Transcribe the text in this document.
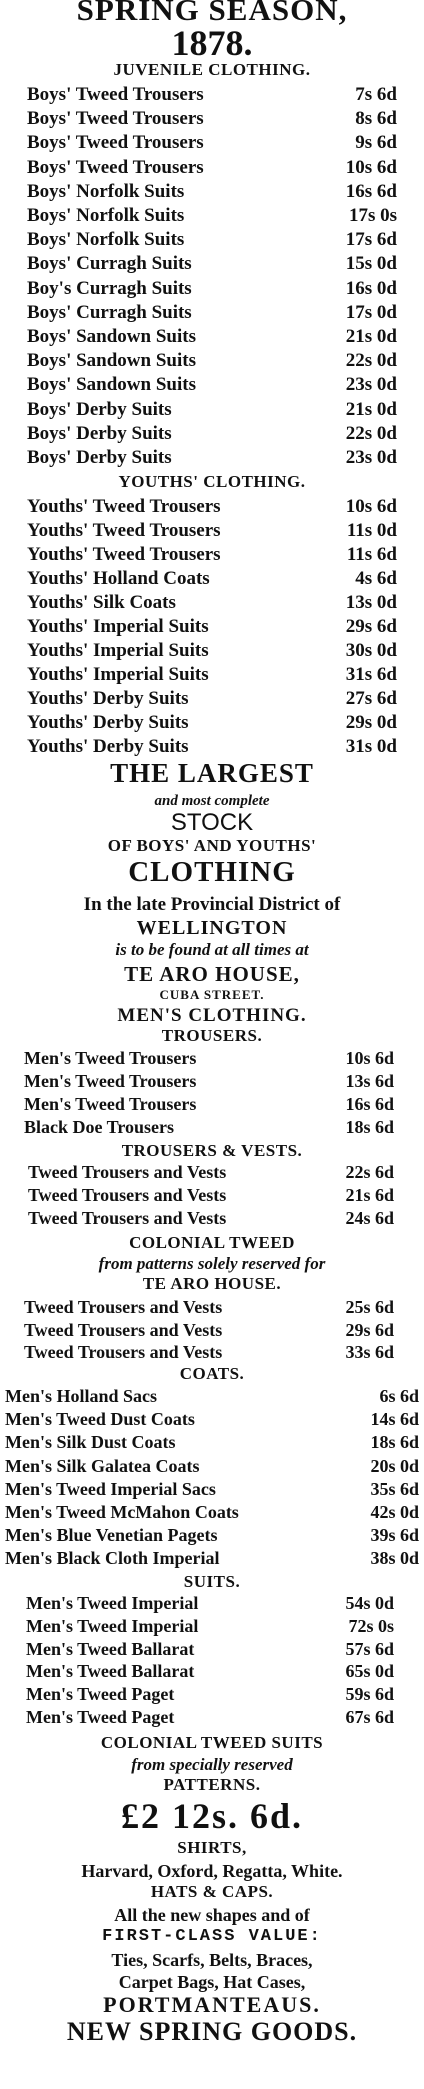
SPRING SEASON,
1878.
JUVENILE CLOTHING.
Boys' Tweed Trousers	7s 6d
Boys' Tweed Trousers	8s 6d
Boys' Tweed Trousers	9s 6d
Boys' Tweed Trousers	10s 6d
Boys' Norfolk Suits	16s 6d
Boys' Norfolk Suits	17s 0s
Boys' Norfolk Suits	17s 6d
Boys' Curragh Suits	15s 0d
Boy's Curragh Suits	16s 0d
Boys' Curragh Suits	17s 0d
Boys' Sandown Suits	21s 0d
Boys' Sandown Suits	22s 0d
Boys' Sandown Suits	23s 0d
Boys' Derby Suits	21s 0d
Boys' Derby Suits	22s 0d
Boys' Derby Suits	23s 0d
YOUTHS' CLOTHING.
Youths' Tweed Trousers	10s 6d
Youths' Tweed Trousers	11s 0d
Youths' Tweed Trousers	11s 6d
Youths' Holland Coats	4s 6d
Youths' Silk Coats	13s 0d
Youths' Imperial Suits	29s 6d
Youths' Imperial Suits	30s 0d
Youths' Imperial Suits	31s 6d
Youths' Derby Suits	27s 6d
Youths' Derby Suits	29s 0d
Youths' Derby Suits	31s 0d
THE LARGEST
and most complete
STOCK
OF BOYS' AND YOUTHS'
CLOTHING
In the late Provincial District of
WELLINGTON
is to be found at all times at
TE ARO HOUSE,
CUBA STREET.
MEN'S CLOTHING.
TROUSERS.
Men's Tweed Trousers	10s 6d
Men's Tweed Trousers	13s 6d
Men's Tweed Trousers	16s 6d
Black Doe Trousers	18s 6d
TROUSERS & VESTS.
Tweed Trousers and Vests	22s 6d
Tweed Trousers and Vests	21s 6d
Tweed Trousers and Vests	24s 6d
COLONIAL TWEED
from patterns solely reserved for
TE ARO HOUSE.
Tweed Trousers and Vests	25s 6d
Tweed Trousers and Vests	29s 6d
Tweed Trousers and Vests	33s 6d
COATS.
Men's Holland Sacs	6s 6d
Men's Tweed Dust Coats	14s 6d
Men's Silk Dust Coats	18s 6d
Men's Silk Galatea Coats	20s 0d
Men's Tweed Imperial Sacs	35s 6d
Men's Tweed McMahon Coats	42s 0d
Men's Blue Venetian Pagets	39s 6d
Men's Black Cloth Imperial	38s 0d
SUITS.
Men's Tweed Imperial	54s 0d
Men's Tweed Imperial	72s 0s
Men's Tweed Ballarat	57s 6d
Men's Tweed Ballarat	65s 0d
Men's Tweed Paget	59s 6d
Men's Tweed Paget	67s 6d
COLONIAL TWEED SUITS
from specially reserved
PATTERNS.
£2 12s. 6d.
SHIRTS,
Harvard, Oxford, Regatta, White.
HATS & CAPS.
All the new shapes and of
FIRST-CLASS VALUE:
Ties, Scarfs, Belts, Braces,
Carpet Bags, Hat Cases,
PORTMANTEAUS.
NEW SPRING GOODS.
